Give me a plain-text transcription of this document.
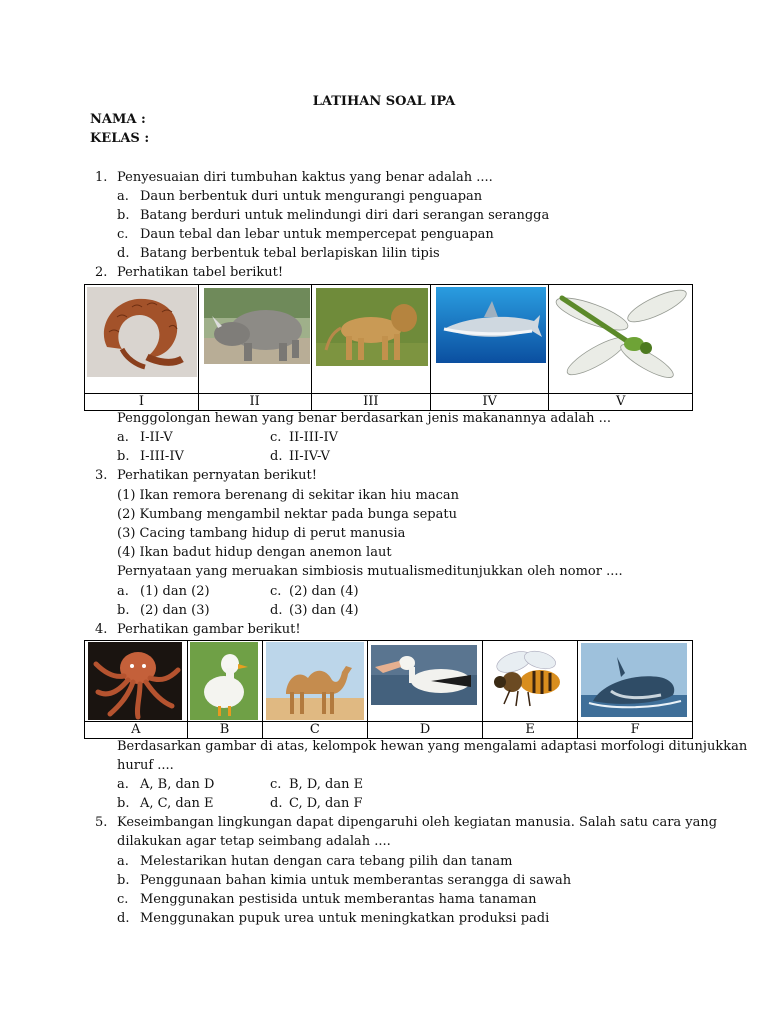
LATIHAN SOAL IPA
NAMA :
KELAS :
1. Penyesuaian diri tumbuhan kaktus yang benar adalah ....
a. Daun berbentuk duri untuk mengurangi penguapan
b. Batang berduri untuk melindungi diri dari serangan serangga
c. Daun tebal dan lebar untuk mempercepat penguapan
d. Batang berbentuk tebal berlapiskan lilin tipis
2. Perhatikan tabel berikut!

I	II	III	IV	V
Penggolongan hewan yang benar berdasarkan jenis makanannya adalah ...
a. I-II-V	c. II-III-IV
b. I-III-IV	d. II-IV-V
3. Perhatikan pernyatan berikut!
(1) Ikan remora berenang di sekitar ikan hiu macan
(2) Kumbang mengambil nektar pada bunga sepatu
(3) Cacing tambang hidup di perut manusia
(4) Ikan badut hidup dengan anemon laut
Pernyataan yang meruakan simbiosis mutualismeditunjukkan oleh nomor ....
a. (1) dan (2)	c. (2) dan (4)
b. (2) dan (3)	d. (3) dan (4)
4. Perhatikan gambar berikut!

A	B	C	D	E	F
Berdasarkan gambar di atas, kelompok hewan yang mengalami adaptasi morfologi ditunjukkan
huruf ....
a. A, B, dan D	c. B, D, dan E
b. A, C, dan E	d. C, D, dan F
5. Keseimbangan lingkungan dapat dipengaruhi oleh kegiatan manusia. Salah satu cara yang
dilakukan agar tetap seimbang adalah ....
a. Melestarikan hutan dengan cara tebang pilih dan tanam
b. Penggunaan bahan kimia untuk memberantas serangga di sawah
c. Menggunakan pestisida untuk memberantas hama tanaman
d. Menggunakan pupuk urea untuk meningkatkan produksi padi
